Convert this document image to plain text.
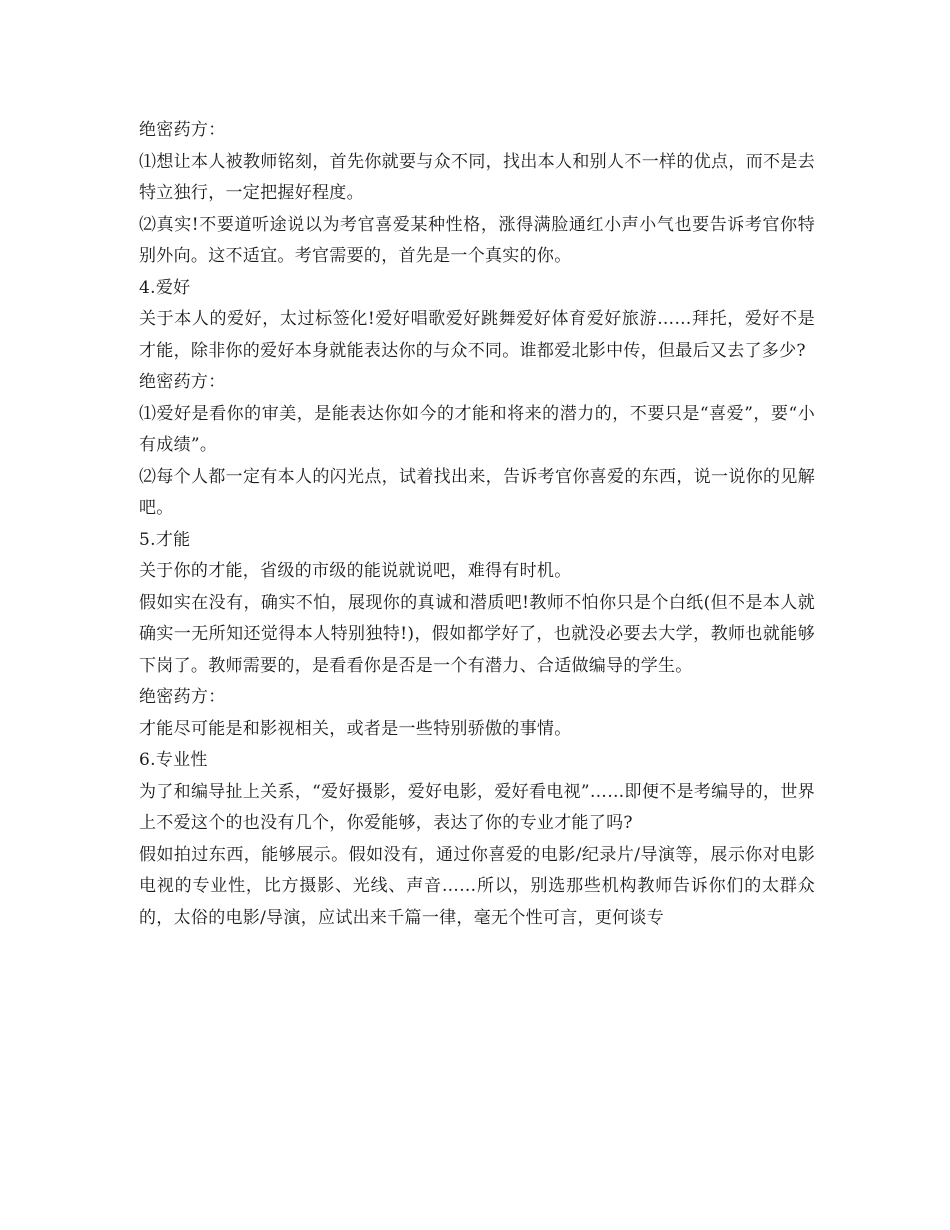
绝密药方：

⑴想让本人被教师铭刻，首先你就要与众不同，找出本人和别人不一样的优点，而不是去特立独行，一定把握好程度。

⑵真实!不要道听途说以为考官喜爱某种性格，涨得满脸通红小声小气也要告诉考官你特别外向。这不适宜。考官需要的，首先是一个真实的你。

4.爱好

关于本人的爱好，太过标签化!爱好唱歌爱好跳舞爱好体育爱好旅游……拜托，爱好不是才能，除非你的爱好本身就能表达你的与众不同。谁都爱北影中传，但最后又去了多少?

绝密药方：

⑴爱好是看你的审美，是能表达你如今的才能和将来的潜力的，不要只是“喜爱”，要“小有成绩”。

⑵每个人都一定有本人的闪光点，试着找出来，告诉考官你喜爱的东西，说一说你的见解吧。

5.才能

关于你的才能，省级的市级的能说就说吧，难得有时机。

假如实在没有，确实不怕，展现你的真诚和潜质吧!教师不怕你只是个白纸(但不是本人就确实一无所知还觉得本人特别独特!)，假如都学好了，也就没必要去大学，教师也就能够下岗了。教师需要的，是看看你是否是一个有潜力、合适做编导的学生。

绝密药方：

才能尽可能是和影视相关，或者是一些特别骄傲的事情。

6.专业性

为了和编导扯上关系，“爱好摄影，爱好电影，爱好看电视”……即便不是考编导的，世界上不爱这个的也没有几个，你爱能够，表达了你的专业才能了吗?

假如拍过东西，能够展示。假如没有，通过你喜爱的电影/纪录片/导演等，展示你对电影电视的专业性，比方摄影、光线、声音……所以，别选那些机构教师告诉你们的太群众的，太俗的电影/导演，应试出来千篇一律，毫无个性可言，更何谈专
